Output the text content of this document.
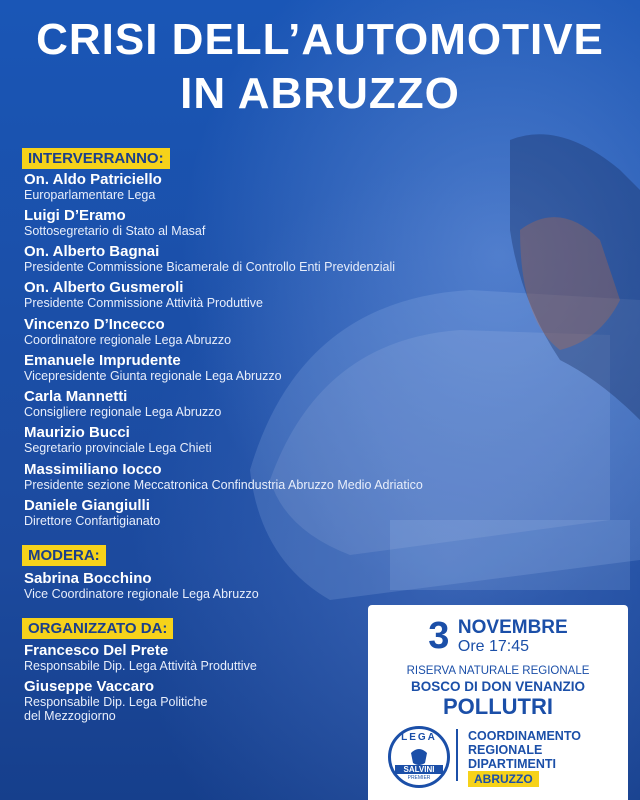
CRISI DELL’AUTOMOTIVE
IN ABRUZZO
INTERVERRANNO:
On. Aldo Patriciello
Europarlamentare Lega
Luigi D’Eramo
Sottosegretario di Stato al Masaf
On. Alberto Bagnai
Presidente Commissione Bicamerale di Controllo Enti Previdenziali
On. Alberto Gusmeroli
Presidente Commissione Attività Produttive
Vincenzo D’Incecco
Coordinatore regionale Lega Abruzzo
Emanuele Imprudente
Vicepresidente Giunta regionale Lega Abruzzo
Carla Mannetti
Consigliere regionale Lega Abruzzo
Maurizio Bucci
Segretario provinciale Lega Chieti
Massimiliano Iocco
Presidente sezione Meccatronica Confindustria Abruzzo Medio Adriatico
Daniele Giangiulli
Direttore Confartigianato
MODERA:
Sabrina Bocchino
Vice Coordinatore regionale Lega Abruzzo
ORGANIZZATO DA:
Francesco Del Prete
Responsabile Dip. Lega Attività Produttive
Giuseppe Vaccaro
Responsabile Dip. Lega Politiche
del Mezzogiorno
3 NOVEMBRE
Ore 17:45
RISERVA NATURALE REGIONALE
BOSCO DI DON VENANZIO
POLLUTRI
LEGA
SALVINI
PREMIER
COORDINAMENTO
REGIONALE
DIPARTIMENTI
ABRUZZO
